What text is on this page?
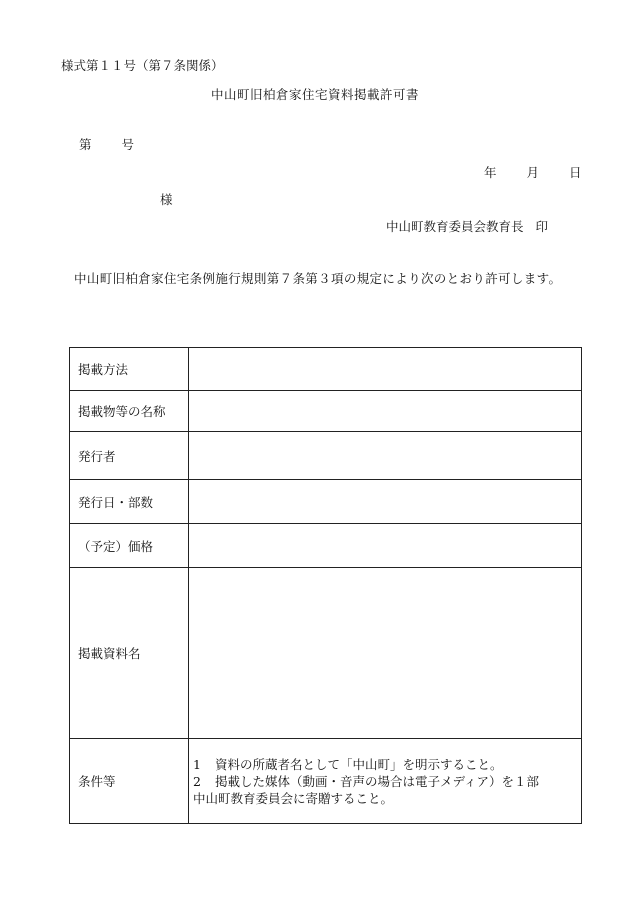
様式第１１号（第７条関係）
中山町旧柏倉家住宅資料掲載許可書
第 号
年 月 日
様
中山町教育委員会教育長 印
中山町旧柏倉家住宅条例施行規則第７条第３項の規定により次のとおり許可します。
掲載方法	
掲載物等の名称	
発行者	
発行日・部数	
（予定）価格	
掲載資料名	
条件等	1 資料の所蔵者名として「中山町」を明示すること。
2 掲載した媒体（動画・音声の場合は電子メディア）を１部
中山町教育委員会に寄贈すること。
